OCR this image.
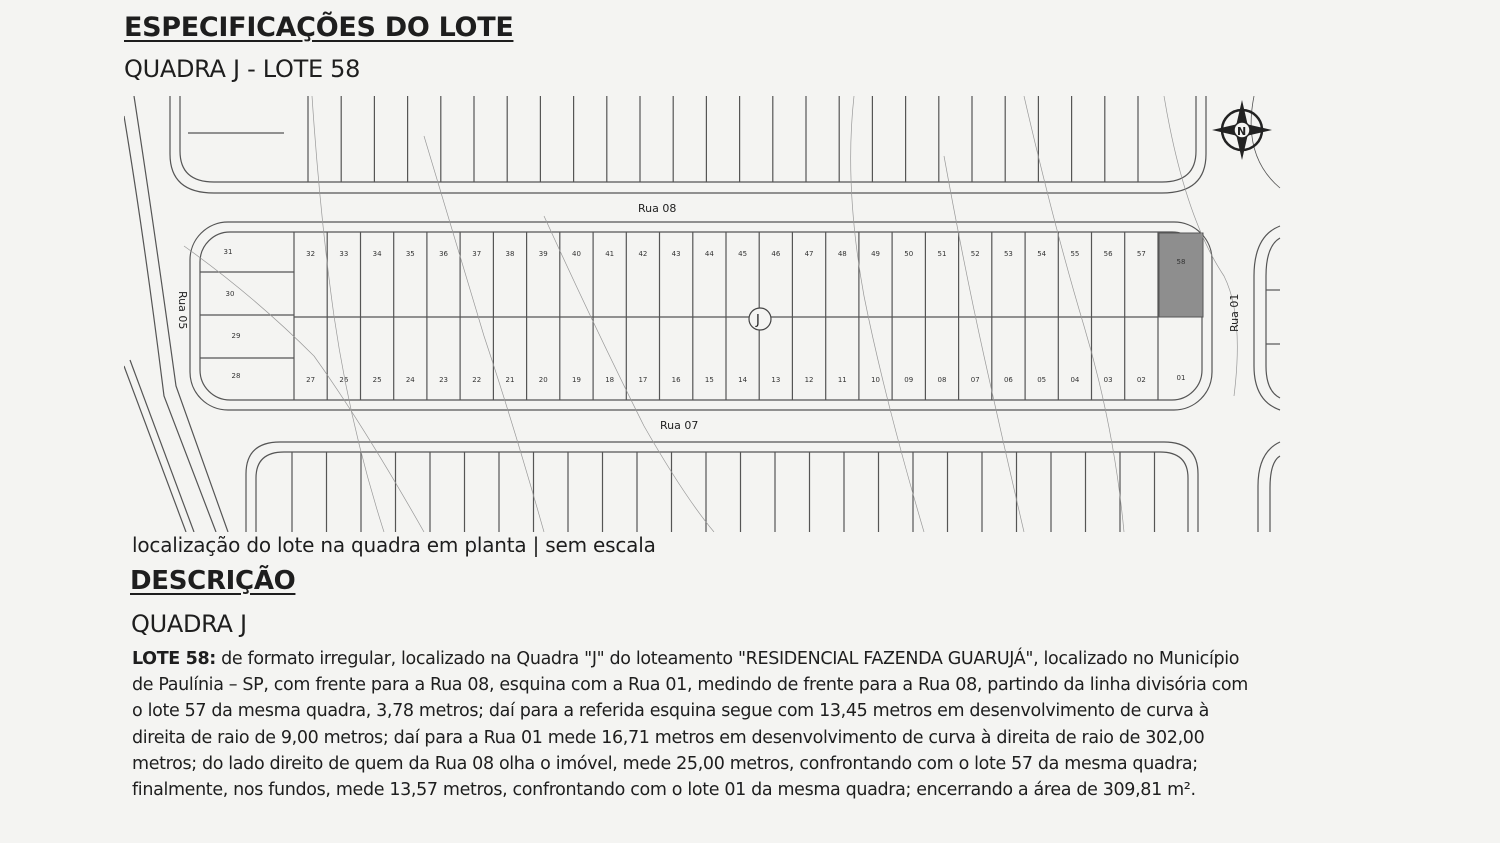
ESPECIFICAÇÕES DO LOTE
QUADRA J - LOTE 58
32	33	34	35	36	37	38	39	40	41	42	43	44	45	46	47	48	49	50	51	52	53	54	55	56	57
27	26	25	24	23	22	21	20	19	18	17	16	15	14	13	12	11	10	09	08	07	06	05	04	03	02
31
30
29
28
58
01
Rua 08
Rua 07
Rua 05	Rua 01
J
N
localização do lote na quadra em planta | sem escala
DESCRIÇÃO
QUADRA J

LOTE 58: de formato irregular, localizado na Quadra "J" do loteamento "RESIDENCIAL FAZENDA GUARUJÁ", localizado no Município de Paulínia – SP, com frente para a Rua 08, esquina com a Rua 01, medindo de frente para a Rua 08, partindo da linha divisória com o lote 57 da mesma quadra, 3,78 metros; daí para a referida esquina segue com 13,45 metros em desenvolvimento de curva à direita de raio de 9,00 metros; daí para a Rua 01 mede 16,71 metros em desenvolvimento de curva à direita de raio de 302,00 metros; do lado direito de quem da Rua 08 olha o imóvel, mede 25,00 metros, confrontando com o lote 57 da mesma quadra; finalmente, nos fundos, mede 13,57 metros, confrontando com o lote 01 da mesma quadra; encerrando a área de 309,81 m².
